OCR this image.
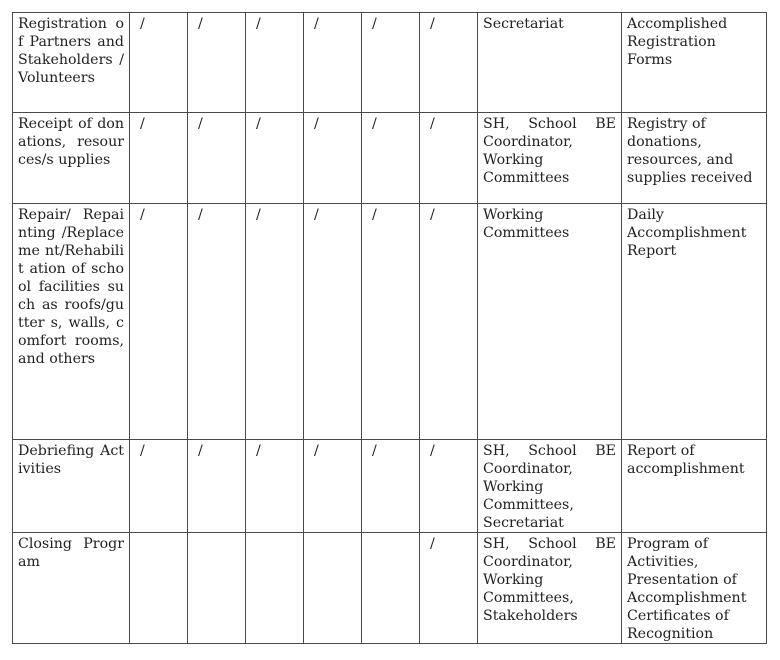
Registration of Partners and Stakeholders / Volunteers	/	/	/	/	/	/	Secretariat	Accomplished Registration Forms
Receipt of donations, resources/s upplies	/	/	/	/	/	/	SH, School BE Coordinator, Working Committees	Registry of donations, resources, and supplies received
Repair/ Repainting /Replaceme nt/Rehabilit ation of school facilities such as roofs/gutter s, walls, comfort rooms, and others	/	/	/	/	/	/	Working Committees	Daily Accomplishment Report
Debriefing Activities	/	/	/	/	/	/	SH, School BE Coordinator, Working Committees, Secretariat	Report of accomplishment
Closing Program						/	SH, School BE Coordinator, Working Committees, Stakeholders	Program of Activities, Presentation of Accomplishment Certificates of Recognition
